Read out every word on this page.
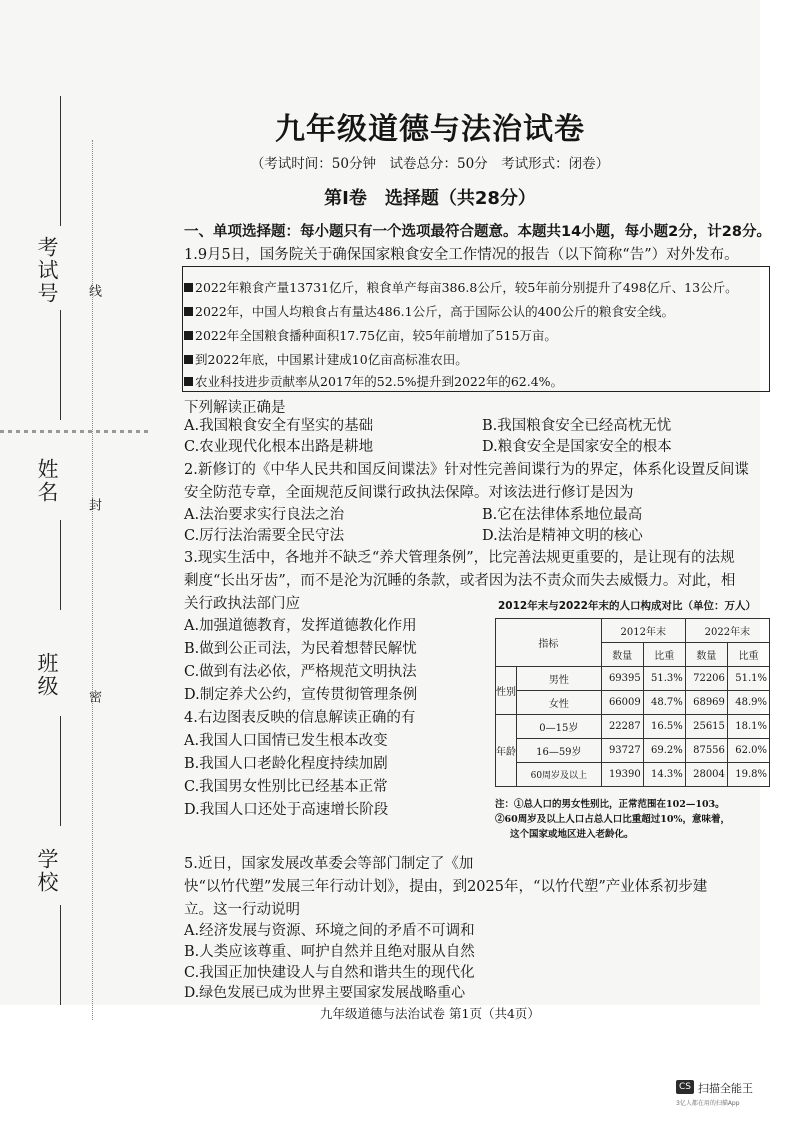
考试号
姓名
班级
学校
线
封
密
九年级道德与法治试卷
（考试时间：50分钟　试卷总分：50分　考试形式：闭卷）
第Ⅰ卷　选择题（共28分）
一、单项选择题：每小题只有一个选项最符合题意。本题共14小题，每小题2分，计28分。
1.9月5日，国务院关于确保国家粮食安全工作情况的报告（以下简称“告”）对外发布。
2022年粮食产量13731亿斤，粮食单产每亩386.8公斤，较5年前分别提升了498亿斤、13公斤。
2022年，中国人均粮食占有量达486.1公斤，高于国际公认的400公斤的粮食安全线。
2022年全国粮食播种面积17.75亿亩，较5年前增加了515万亩。
到2022年底，中国累计建成10亿亩高标准农田。
农业科技进步贡献率从2017年的52.5%提升到2022年的62.4%。
下列解读正确是
A.我国粮食安全有坚实的基础	B.我国粮食安全已经高枕无忧
C.农业现代化根本出路是耕地	D.粮食安全是国家安全的根本
2.新修订的《中华人民共和国反间谍法》针对性完善间谍行为的界定，体系化设置反间谍
安全防范专章，全面规范反间谍行政执法保障。对该法进行修订是因为
A.法治要求实行良法之治	B.它在法律体系地位最高
C.厉行法治需要全民守法	D.法治是精神文明的核心
3.现实生活中，各地并不缺乏“养犬管理条例”，比完善法规更重要的，是让现有的法规
剩度“长出牙齿”，而不是沦为沉睡的条款，或者因为法不责众而失去威慑力。对此，相
关行政执法部门应
A.加强道德教育，发挥道德教化作用
B.做到公正司法，为民着想替民解忧
C.做到有法必依，严格规范文明执法
D.制定养犬公约，宣传贯彻管理条例
4.右边图表反映的信息解读正确的有
A.我国人口国情已发生根本改变
B.我国人口老龄化程度持续加剧
C.我国男女性别比已经基本正常
D.我国人口还处于高速增长阶段
2012年末与2022年末的人口构成对比（单位：万人）
指标		2012年末		2022年末	
		数量	比重	数量	比重
性别	男性	69395	51.3%	72206	51.1%
	女性	66009	48.7%	68969	48.9%
年龄	0—15岁	22287	16.5%	25615	18.1%
	16—59岁	93727	69.2%	87556	62.0%
	60周岁及以上	19390	14.3%	28004	19.8%
注：①总人口的男女性别比，正常范围在102—103。
②60周岁及以上人口占总人口比重超过10%，意味着，
这个国家或地区进入老龄化。
5.近日，国家发展改革委会等部门制定了《加
快“以竹代塑”发展三年行动计划》，提由，到2025年，“以竹代塑”产业体系初步建
立。这一行动说明
A.经济发展与资源、环境之间的矛盾不可调和
B.人类应该尊重、呵护自然并且绝对服从自然
C.我国正加快建设人与自然和谐共生的现代化
D.绿色发展已成为世界主要国家发展战略重心
九年级道德与法治试卷 第1页（共4页）
CS 扫描全能王
3亿人都在用的扫描App
